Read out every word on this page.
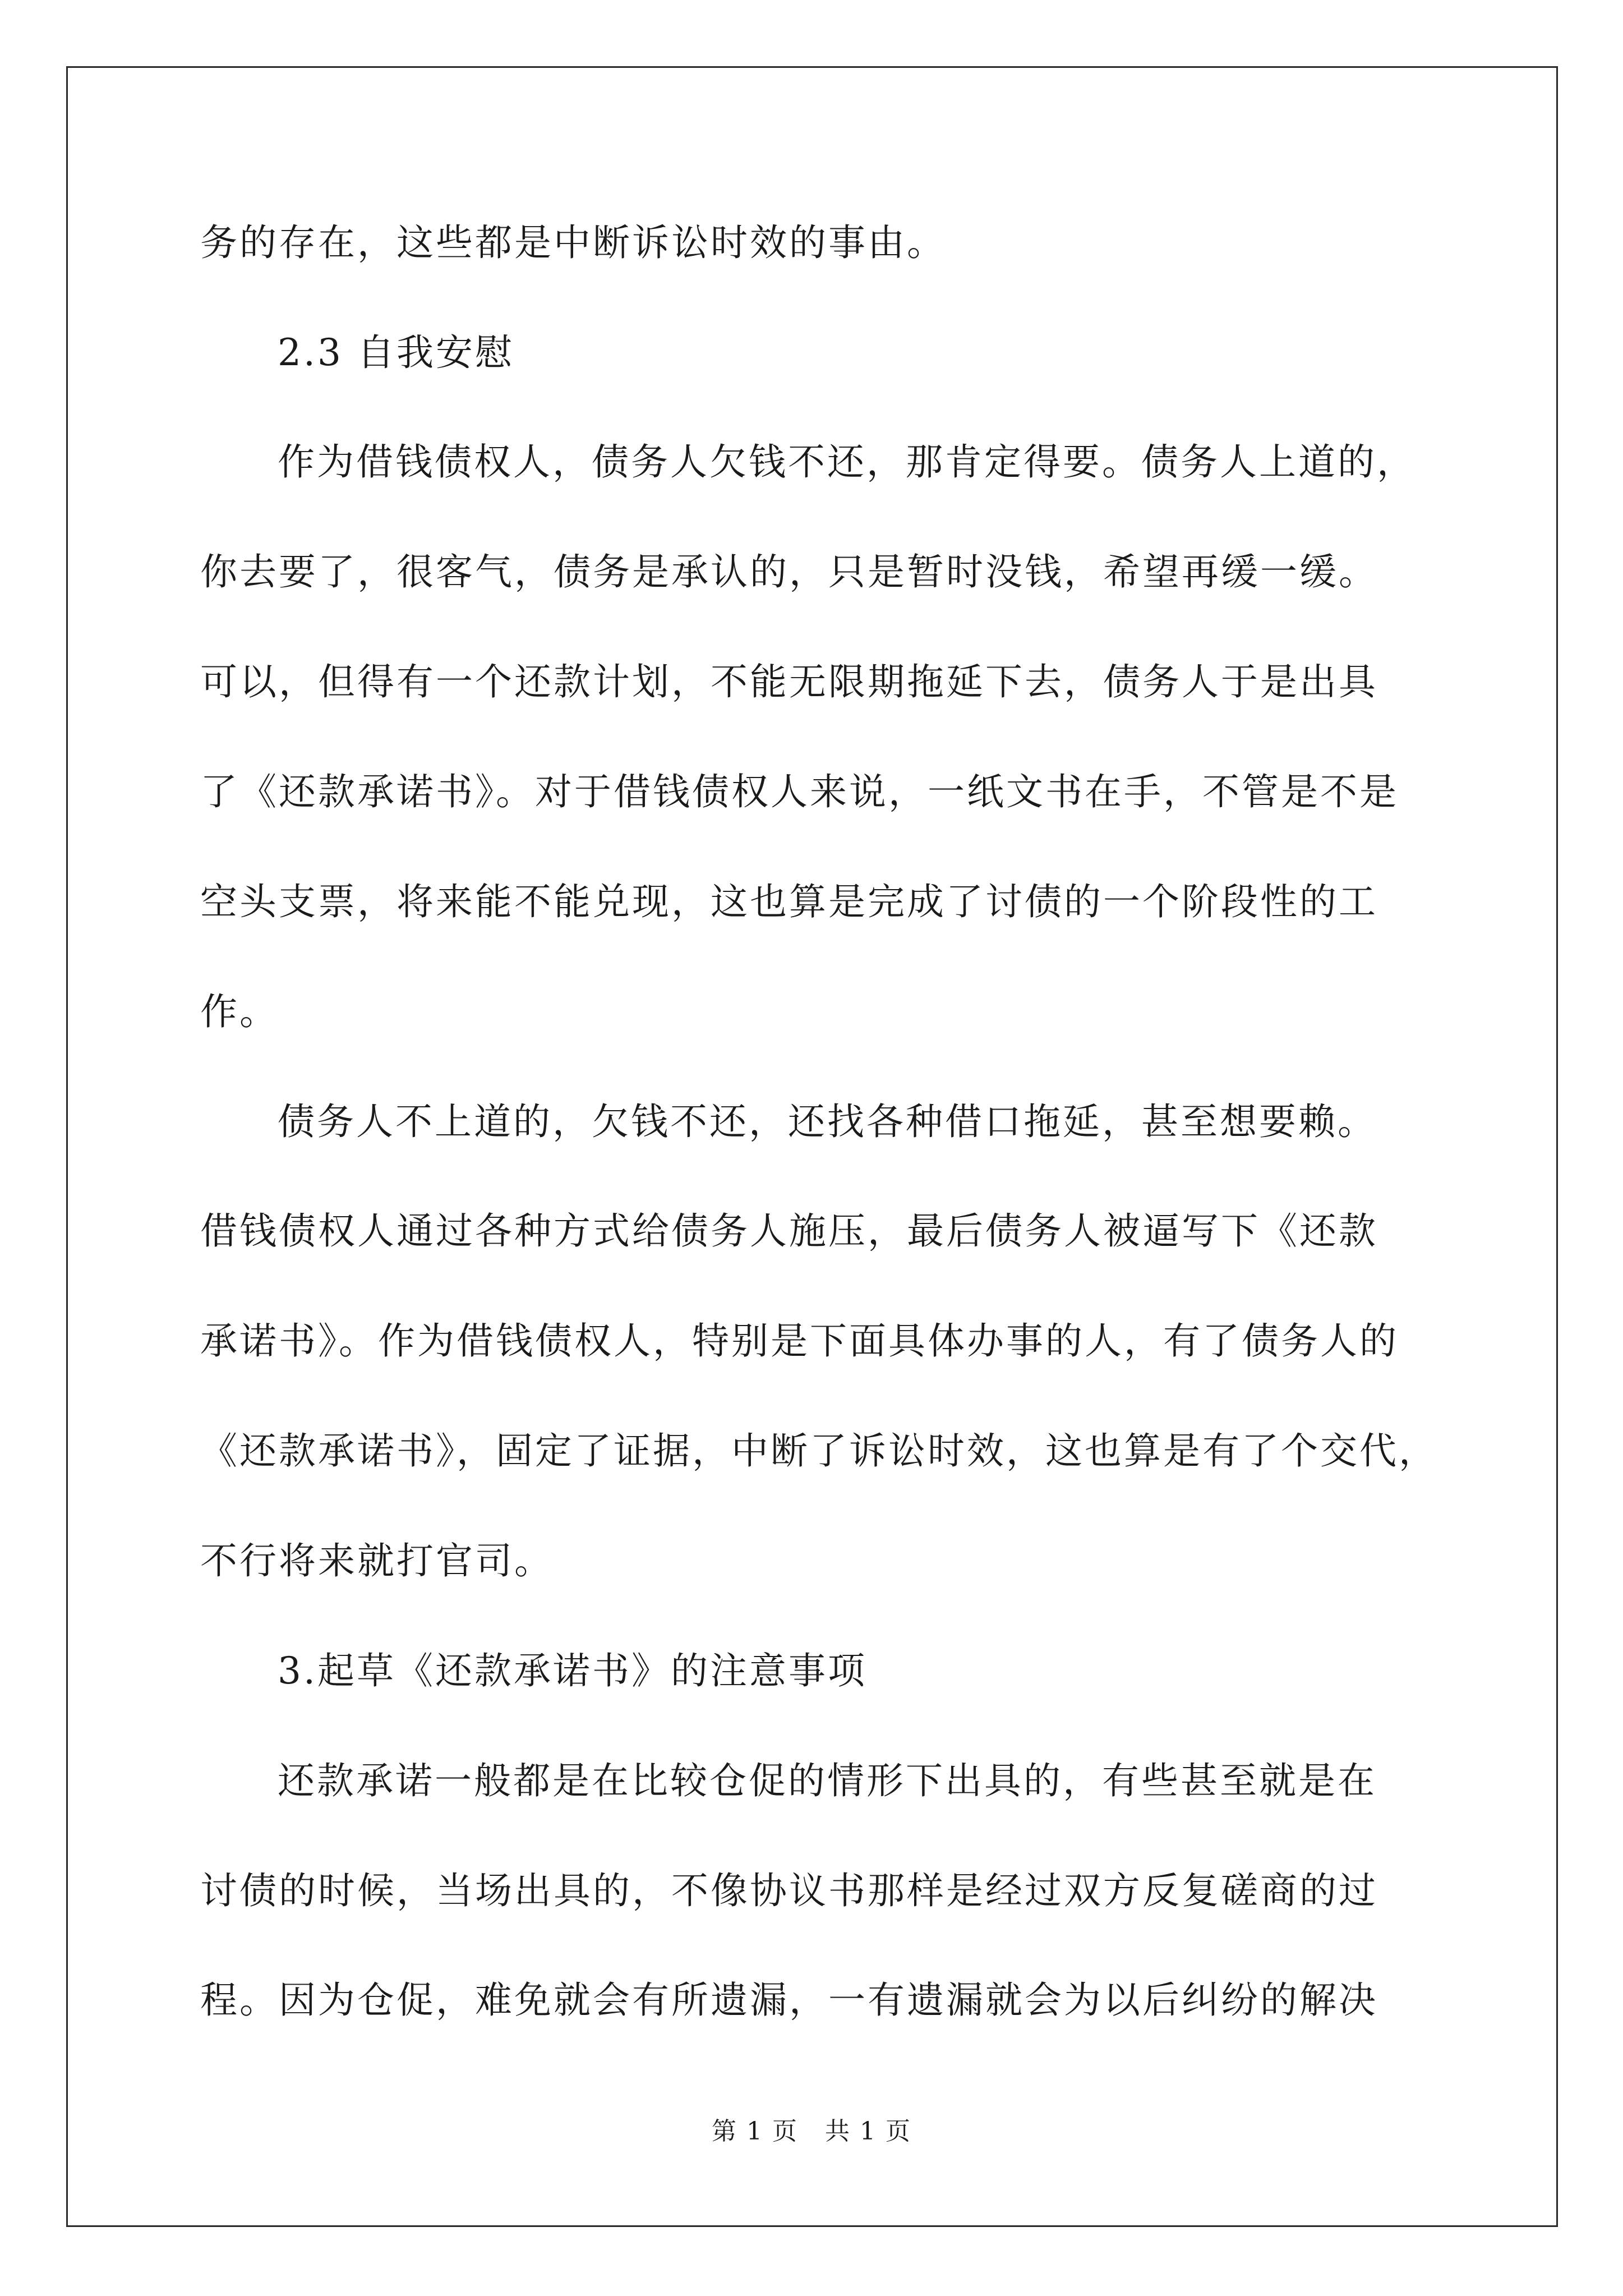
务的存在，这些都是中断诉讼时效的事由。

2.3 自我安慰

作为借钱债权人，债务人欠钱不还，那肯定得要。债务人上道的，

你去要了，很客气，债务是承认的，只是暂时没钱，希望再缓一缓。

可以，但得有一个还款计划，不能无限期拖延下去，债务人于是出具

了《还款承诺书》。对于借钱债权人来说，一纸文书在手，不管是不是

空头支票，将来能不能兑现，这也算是完成了讨债的一个阶段性的工

作。

债务人不上道的，欠钱不还，还找各种借口拖延，甚至想要赖。

借钱债权人通过各种方式给债务人施压，最后债务人被逼写下《还款

承诺书》。作为借钱债权人，特别是下面具体办事的人，有了债务人的

《还款承诺书》，固定了证据，中断了诉讼时效，这也算是有了个交代，

不行将来就打官司。

3.起草《还款承诺书》的注意事项

还款承诺一般都是在比较仓促的情形下出具的，有些甚至就是在

讨债的时候，当场出具的，不像协议书那样是经过双方反复磋商的过

程。因为仓促，难免就会有所遗漏，一有遗漏就会为以后纠纷的解决

第 1 页 共 1 页
